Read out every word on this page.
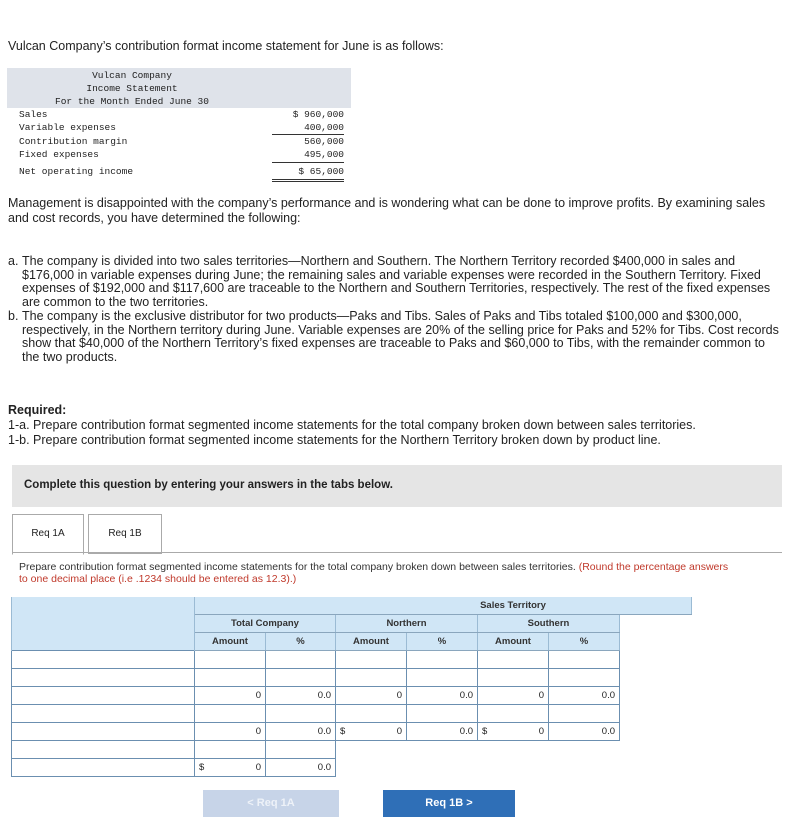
Vulcan Company’s contribution format income statement for June is as follows:
Vulcan Company
Income Statement
For the Month Ended June 30
Sales	$ 960,000
Variable expenses	400,000
Contribution margin	560,000
Fixed expenses	495,000
Net operating income	$ 65,000
Management is disappointed with the company’s performance and is wondering what can be done to improve profits. By examining sales and cost records, you have determined the following:
a. The company is divided into two sales territories—Northern and Southern. The Northern Territory recorded $400,000 in sales and $176,000 in variable expenses during June; the remaining sales and variable expenses were recorded in the Southern Territory. Fixed expenses of $192,000 and $117,600 are traceable to the Northern and Southern Territories, respectively. The rest of the fixed expenses are common to the two territories.
b. The company is the exclusive distributor for two products—Paks and Tibs. Sales of Paks and Tibs totaled $100,000 and $300,000, respectively, in the Northern territory during June. Variable expenses are 20% of the selling price for Paks and 52% for Tibs. Cost records show that $40,000 of the Northern Territory’s fixed expenses are traceable to Paks and $60,000 to Tibs, with the remainder common to the two products.
Required:
1-a. Prepare contribution format segmented income statements for the total company broken down between sales territories.
1-b. Prepare contribution format segmented income statements for the Northern Territory broken down by product line.
Complete this question by entering your answers in the tabs below.
Req 1A	Req 1B
Prepare contribution format segmented income statements for the total company broken down between sales territories. (Round the percentage answers to one decimal place (i.e .1234 should be entered as 12.3).)
	Sales Territory					
	Total Company		Northern		Southern
	Amount	%	Amount	%	Amount	%

	0	0.0	0	0.0	0	0.0

	0	0.0	$ 0	0.0	$ 0	0.0

	$ 0	0.0				
< Req 1A	Req 1B >
